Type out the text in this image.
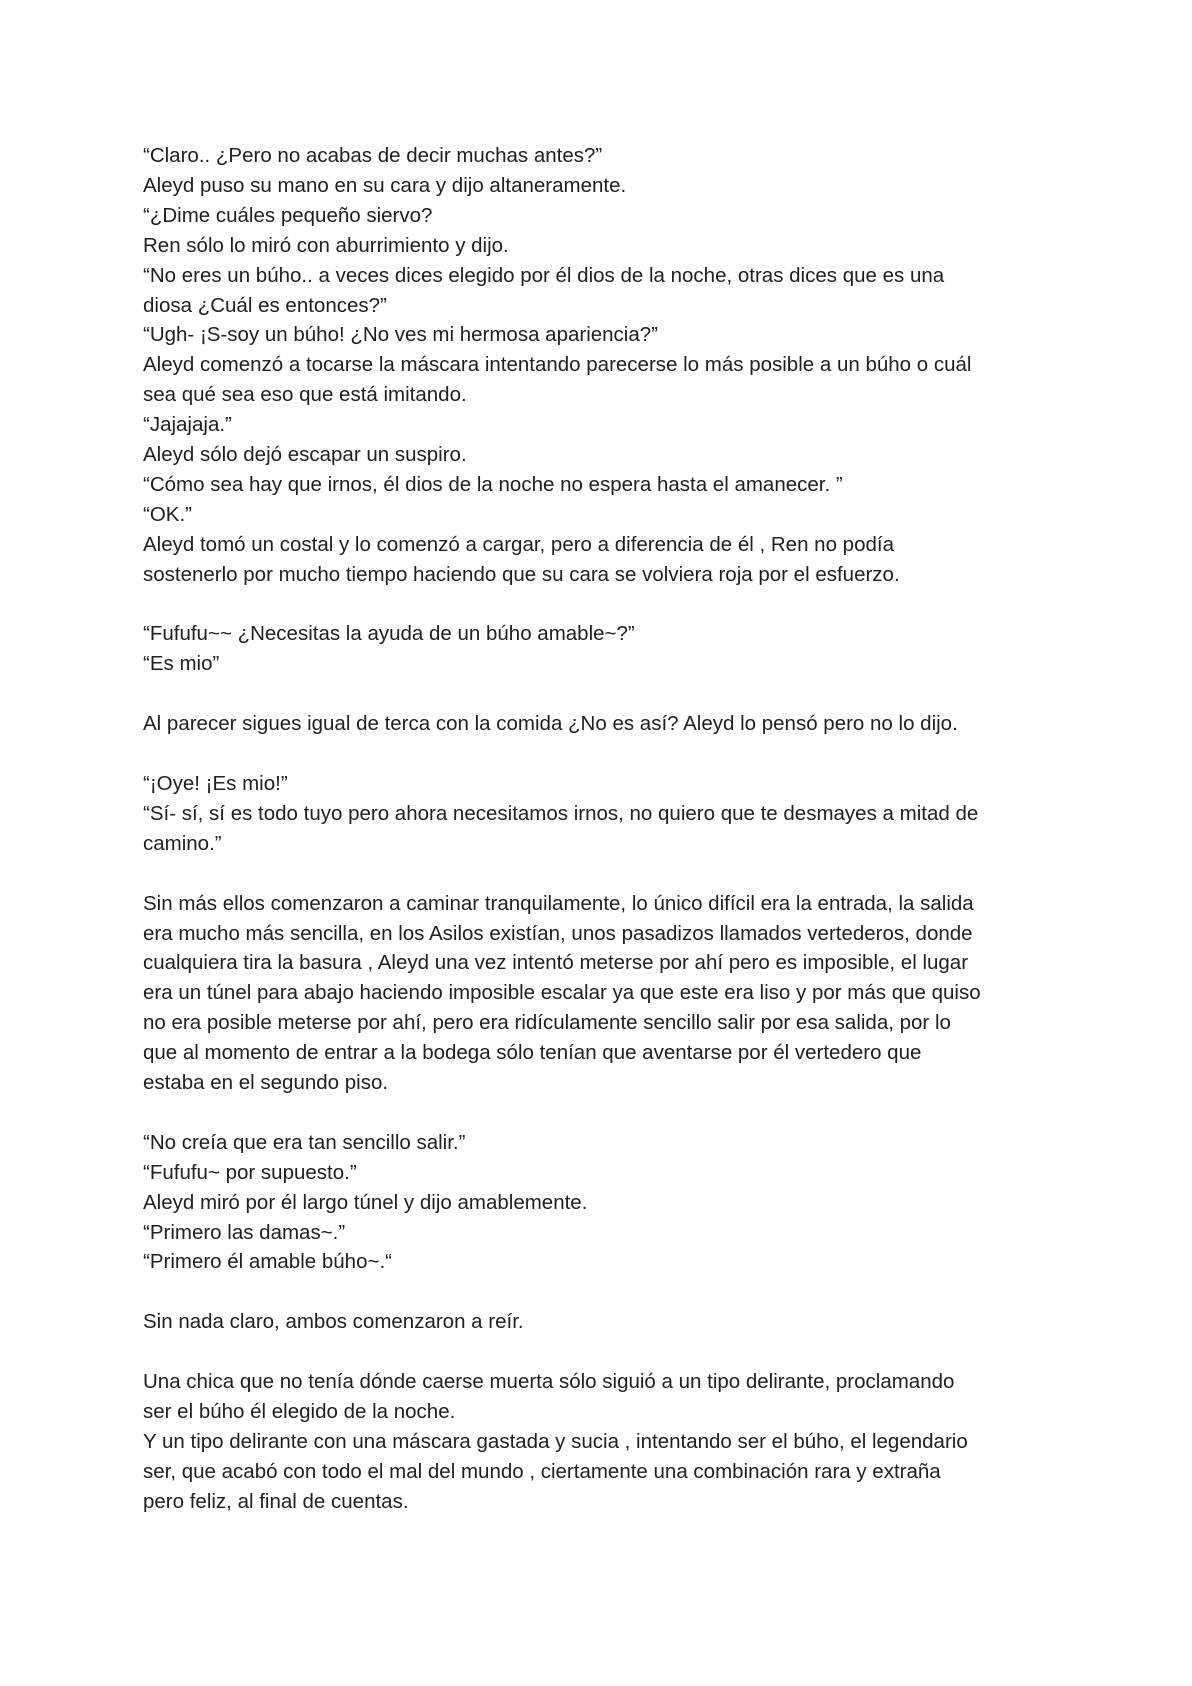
“Claro.. ¿Pero no acabas de decir muchas antes?”

Aleyd puso su mano en su cara y dijo altaneramente.

“¿Dime cuáles pequeño siervo?

Ren sólo lo miró con aburrimiento y dijo.

“No eres un búho.. a veces dices elegido por él dios de la noche, otras dices que es una

diosa ¿Cuál es entonces?”

“Ugh- ¡S-soy un búho! ¿No ves mi hermosa apariencia?”

Aleyd comenzó a tocarse la máscara intentando parecerse lo más posible a un búho o cuál

sea qué sea eso que está imitando.

“Jajajaja.”

Aleyd sólo dejó escapar un suspiro.

“Cómo sea hay que irnos, él dios de la noche no espera hasta el amanecer. ”

“OK.”

Aleyd tomó un costal y lo comenzó a cargar, pero a diferencia de él , Ren no podía

sostenerlo por mucho tiempo haciendo que su cara se volviera roja por el esfuerzo.

“Fufufu~~ ¿Necesitas la ayuda de un búho amable~?”

“Es mio”

Al parecer sigues igual de terca con la comida ¿No es así? Aleyd lo pensó pero no lo dijo.

“¡Oye! ¡Es mio!”

“Sí- sí, sí es todo tuyo pero ahora necesitamos irnos, no quiero que te desmayes a mitad de

camino.”

Sin más ellos comenzaron a caminar tranquilamente, lo único difícil era la entrada, la salida

era mucho más sencilla, en los Asilos existían, unos pasadizos llamados vertederos, donde

cualquiera tira la basura , Aleyd una vez intentó meterse por ahí pero es imposible, el lugar

era un túnel para abajo haciendo imposible escalar ya que este era liso y por más que quiso

no era posible meterse por ahí, pero era ridículamente sencillo salir por esa salida, por lo

que al momento de entrar a la bodega sólo tenían que aventarse por él vertedero que

estaba en el segundo piso.

“No creía que era tan sencillo salir.”

“Fufufu~ por supuesto.”

Aleyd miró por él largo túnel y dijo amablemente.

“Primero las damas~.”

“Primero él amable búho~.“

Sin nada claro, ambos comenzaron a reír.

Una chica que no tenía dónde caerse muerta sólo siguió a un tipo delirante, proclamando

ser el búho él elegido de la noche.

Y un tipo delirante con una máscara gastada y sucia , intentando ser el búho, el legendario

ser, que acabó con todo el mal del mundo , ciertamente una combinación rara y extraña

pero feliz, al final de cuentas.
